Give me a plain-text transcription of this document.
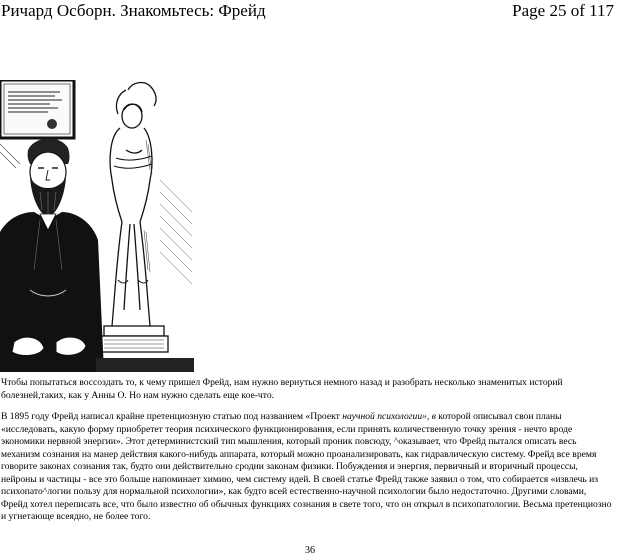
Ричард Осборн. Знакомьтесь: Фрейд	Page 25 of 117

Чтобы попытаться воссоздать то, к чему пришел Фрейд, нам нужно вернуться немного назад и разобрать несколько знаменитых историй болезней,таких, как у Анны О. Но нам нужно сделать еще кое-что.

В 1895 году Фрейд написал крайне претенциозную статью под названием «Проект научной психологии», в которой описывал свои планы «исследовать, какую форму приобретет теория психического функционирования, если принять количественную точку зрения - нечто вроде экономики нервной энергии». Этот детерминистский тип мышления, который проник повсюду, ^оказывает, что Фрейд пытался описать весь механизм сознания на манер действия какого-нибудь аппарата, который можно проанализировать, как гидравлическую систему. Фрейд все время говорите законах сознания так, будто они действительно сродни законам физики. Побуждения и энергия, первичный и вторичный процессы, нейроны и частицы - все это больше напоминает химию, чем систему идей. В своей статье Фрейд также заявил о том, что собирается «извлечь из психопато^логии пользу для нормальной психологии», как будто всей естественно-научной психологии было недостаточно. Другими словами, Фрейд хотел переписать все, что было известно об обычных функциях сознания в свете того, что он открыл в психопатологии. Весьма претенциозно и угнетающе всеядно, не более того.

36
